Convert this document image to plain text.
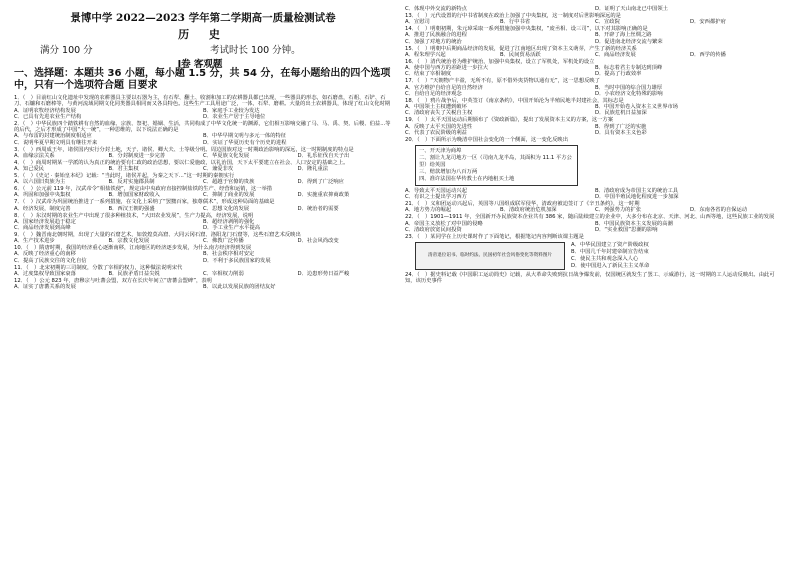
景博中学 2022—2023 学年第二学期高一质量检测试卷
历 史
满分 100 分	考试时长 100 分钟。
Ⅰ卷 客观题
一、选择题：本题共 36 小题，每小题 1.5 分，共 54 分，在每小题给出的四个选项中，只有一个选项符合题 目要求

1．（　）目前红山文化遗址中发现的农耕器具主要以石器为主，有石犁、翻土、收割和加工的农耕器具都已出现，一些器具的形态，如石磨盘，石耜、石铲、石刀、石镰和石磨棒等，与黄河流域同期文化同类器具相同而又各具特色。这些生产工具用途广泛，一体，石犁、磨耕。大量的出土农耕器具，体现了红山文化时期

A．证明农牧经济结构发展	B．家庭手工业较为发达
C．已具有先进农业生产结构	D．农业生产居于主导地位

2．（　）中华民族四个踏铁耕有自然的血缘、宗族、祭祀、婚姻、生活，共同构成了中华文化统一的渊源，它们相互影响交融了马、马、禹、契、后稷、伯益...等的后代，之后才形成了中国“大一统”，一种思维的，以下说法正确的是

A．与布雷的封建统治制度相适应	B．中华早期文明与多元一体的特征
C．说明华夏早期文明具有继往开来	D．实证了华夏历史有个历史的进程

3．（　）西周成王年，诸侯国内实行分封土地，天子、诸侯、卿大夫、士等级分明。周边国族对这一时期政治影响的深远，这一时期制度的特点是

A．血缘宗法关系	B．分封制度进一步完善	C．华夏族文化发展	D．礼乐征伐自天子出

4．（　）商周时期某一学派的认为真正的统治要有仁政的政治思想，要以仁爱施政，以礼治国，天下太平要建立在社会、人口安定的基础之上。

A．知己爱民	B．君主集权	C．兼爱非攻	D．隆礼重法

5．（　）《史记 · 秦始皇本纪》记载：“当此时，诸侯并起，为秦之天下...”这一时期的秦朝实行

A．以六国旧贵族为主	B．反对实施郡县制	C．超越于官僚的贵族	D．得到了广泛响应

6．（　）公元前 119 年，汉武帝令“相盐铁使”，规定由中央政府直接控制盐铁的生产、经营和运销，这一举措

A．巩固和加强中央集权	B．增加国家财政收入	C．抑制了商业的发展	D．实施重农抑商政策

7．（　）汉武帝为巩固统治推进了一系列措施，在文化上采纳了“罢黜百家，独尊儒术”，形成这种局面的基础是

A．经济发展，制度完善	B．西汉王朝的强盛	C．思想文化的发展	D．统治者的需要

8．（　）东汉时期的农业生产中出现了很多种植技术，“大田农业发展”，生产力提高，经济发展，说明

A．国家经济发展趋于稳定	B．超经济剥削的强化
C．商品经济发展到高峰	D．手工业生产水平提高

9．（　）魏晋南北朝时期，出现了大量的石窟艺术，如敦煌莫高窟、大同云冈石窟、洛阳龙门石窟等，这些石窟艺术反映出

A．生产技术进步	B．宗教文化发展	C．佛教广泛传播	D．社会风尚改变

10．（　）隋唐时期，我国的经济重心逐渐南移，江南地区的经济逐步发展，为什么南方经济得到发展

A．反映了经济重心的南移	B．社会秩序相对安定
C．提高了民族交往的文化自信	D．不利于多民族国家的发展

11．（　）北宋初期的三司制度，分散了宰相的权力，这种做法说明宋代

A．过度集权导致国家衰落	B．民族矛盾日益尖锐	C．宰相权力削弱	D．边患形势日益严峻

12．（　）公元 823 年，唐穆宗与吐蕃会盟，双方在长庆年间立“唐蕃会盟碑”，表明

A．证实了唐蕃关系的发展	B．以此以发展民族的团结友好
C．体现中外交流的新特点	D．证明了天山南北已中国领土

13．（　）元代设置的行中书省制度在政治上加强了中央集权，这一制度对后世影响深远的是

A．宣慰司	B．行中书省	C．宣政院	D．安西都护府

14．（　）明朝初期，朱元璋采取一系列措施加强中央集权，“废丞相、设三司”，以下对其影响正确的是

A．推进了民族融合的进程	B．开辟了海上丝绸之路
C．加强了对地方的统治	D．促进南北经济交流与繁荣

15．（　）明朝中后期商品经济的发展，促进了江南地区出现了资本主义萌芽，产生了新的经济关系

A．程朱理学兴起	B．民间贸易活跃	C．商品经济发展	D．西学的传播

16．（　）清代统治者为维护统治，加强中央集权，设立了军机处，军机处的设立

A．使中国与西方的差距进一步拉大	B．标志着君主专制达到顶峰
C．结束了宰相制度	D．提高了行政效率

17．（　）“天朝物产丰盈，无所不有，原不借外夷货物以通有无”，这一思想反映了

A．官方维护自给自足的自然经济	B．当时中国的综合国力雄厚
C．自给自足的经济观念	D．小农经济文化特殊的影响

18．（　）鸦片战争后，中英签订《南京条约》，中国开始沦为半殖民地半封建社会，其标志是

A．中国领土主权遭到破坏	B．中国开始卷入资本主义世界市场
C．清政府丧失了关税自主权	D．民族危机日益加深

19．（　）太平天国运动后期颁布了《资政新篇》，提出了发展资本主义的方案，这一方案

A．反映了太平天国的先进性	B．得到了广泛的实施
C．代表了农民阶级的利益	D．具有资本主义色彩

20．（　）下面所示为晚清中国社会变化的一个侧面，这一变化反映出

一、开天津为商埠
二、割让九龙司地方一区（司南九龙半岛，其面积为 11.1 平方公里）给英国
三、赔款增加为八百万两
四、准许法国在华传教士在内地租买土地
A．导致太平天国运动兴起	B．清政府成为帝国主义的统治工具
C．有识之士提出学习西方	D．中国半殖民地化程度进一步加深

21．（　）义和团运动兴起后，英国等八国组成联军侵华，清政府被迫签订了《辛丑条约》，这一时期

A．地方势力的崛起	B．清政府统治危机加深	C．列强势力的扩张	D．东南各省的自保运动

22．（　）1901—1911 年，全国新开办民族资本企业共有 386 家，随后陆续建立的企业中，大多分布在北京、天津、河北、山西等地，这些民族工业的发展

A．帝国主义放松了对中国的侵略	B．中国民族资本主义发展的高潮
C．清政府放宽民间投资	D．“实业救国”思潮的影响

23．（　）某同学在上历史课时作了下面笔记，根据笔记内容判断该课主题是

清帝退位诏书、临时约法、民国初年社会风俗变化等资料图片
A．中华民国建立了资产阶级政权
B．中国几千年封建帝制宣告结束
C．使民主共和观念深入人心
D．使中国进入了新民主主义革命

24．（　）据史料记载《中国职工运动简史》记载，从大革命失败到抗日战争爆发前，仅国统区就发生了罢工、示威游行，这一时期的工人运动反映出。由此可知，该历史事件
